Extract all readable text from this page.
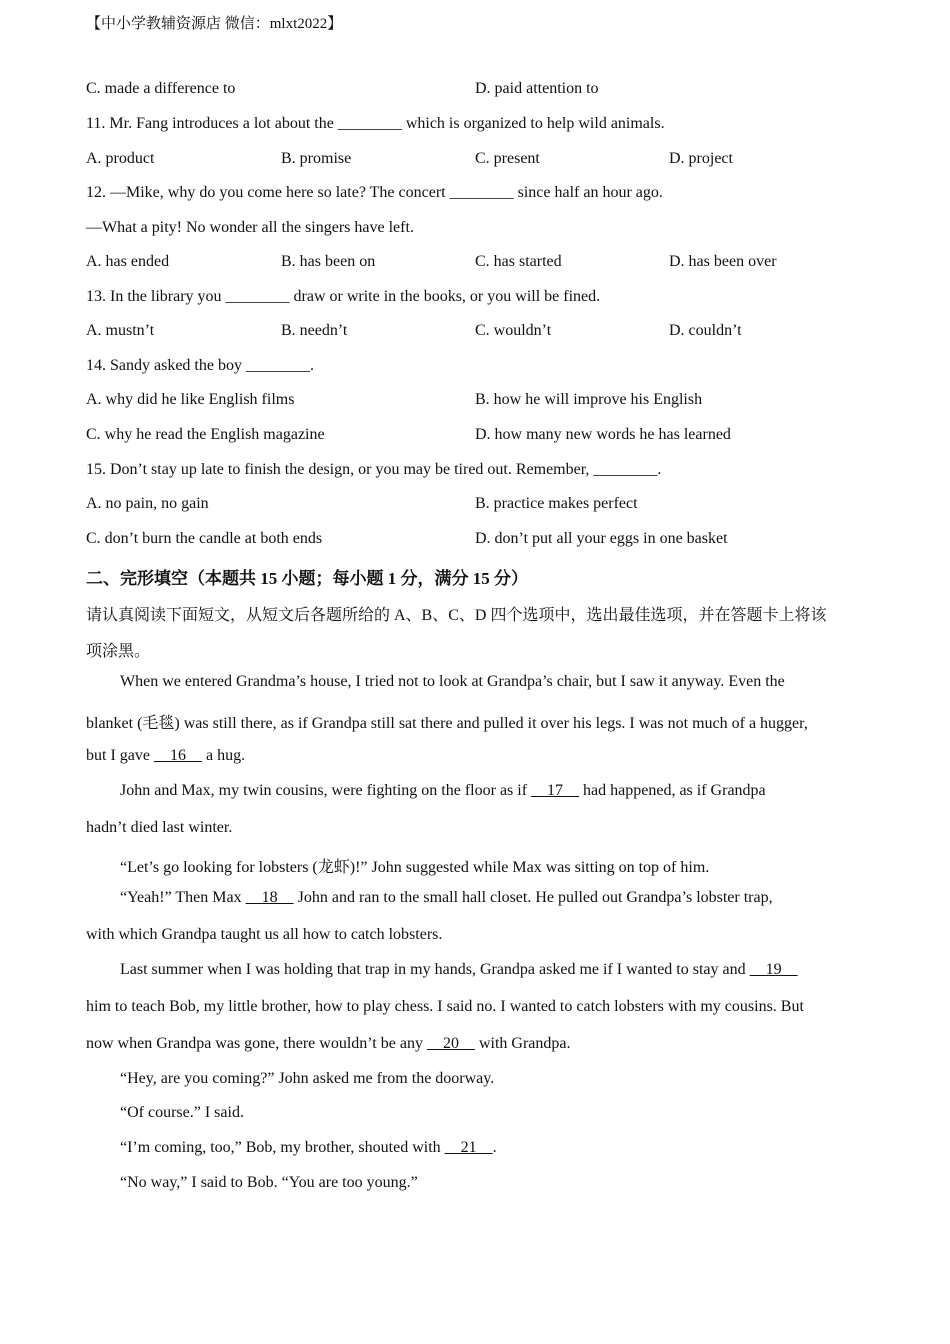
【中小学教辅资源店 微信：mlxt2022】
C. made a difference to	D. paid attention to
11. Mr. Fang introduces a lot about the ________ which is organized to help wild animals.
A. product	B. promise	C. present	D. project
12. —Mike, why do you come here so late? The concert ________ since half an hour ago.
—What a pity! No wonder all the singers have left.
A. has ended	B. has been on	C. has started	D. has been over
13. In the library you ________ draw or write in the books, or you will be fined.
A. mustn’t	B. needn’t	C. wouldn’t	D. couldn’t
14. Sandy asked the boy ________.
A. why did he like English films	B. how he will improve his English
C. why he read the English magazine	D. how many new words he has learned
15. Don’t stay up late to finish the design, or you may be tired out. Remember, ________.
A. no pain, no gain	B. practice makes perfect
C. don’t burn the candle at both ends	D. don’t put all your eggs in one basket
二、完形填空（本题共 15 小题；每小题 1 分，满分 15 分）
请认真阅读下面短文，从短文后各题所给的 A、B、C、D 四个选项中，选出最佳选项，并在答题卡上将该
项涂黑。
When we entered Grandma’s house, I tried not to look at Grandpa’s chair, but I saw it anyway. Even the
blanket (毛毯) was still there, as if Grandpa still sat there and pulled it over his legs. I was not much of a hugger,
but I gave     16     a hug.
John and Max, my twin cousins, were fighting on the floor as if     17     had happened, as if Grandpa
hadn’t died last winter.
“Let’s go looking for lobsters (龙虾)!” John suggested while Max was sitting on top of him.
“Yeah!” Then Max     18     John and ran to the small hall closet. He pulled out Grandpa’s lobster trap,
with which Grandpa taught us all how to catch lobsters.
Last summer when I was holding that trap in my hands, Grandpa asked me if I wanted to stay and     19
him to teach Bob, my little brother, how to play chess. I said no. I wanted to catch lobsters with my cousins. But
now when Grandpa was gone, there wouldn’t be any     20     with Grandpa.
“Hey, are you coming?” John asked me from the doorway.
“Of course.” I said.
“I’m coming, too,” Bob, my brother, shouted with     21    .
“No way,” I said to Bob. “You are too young.”
